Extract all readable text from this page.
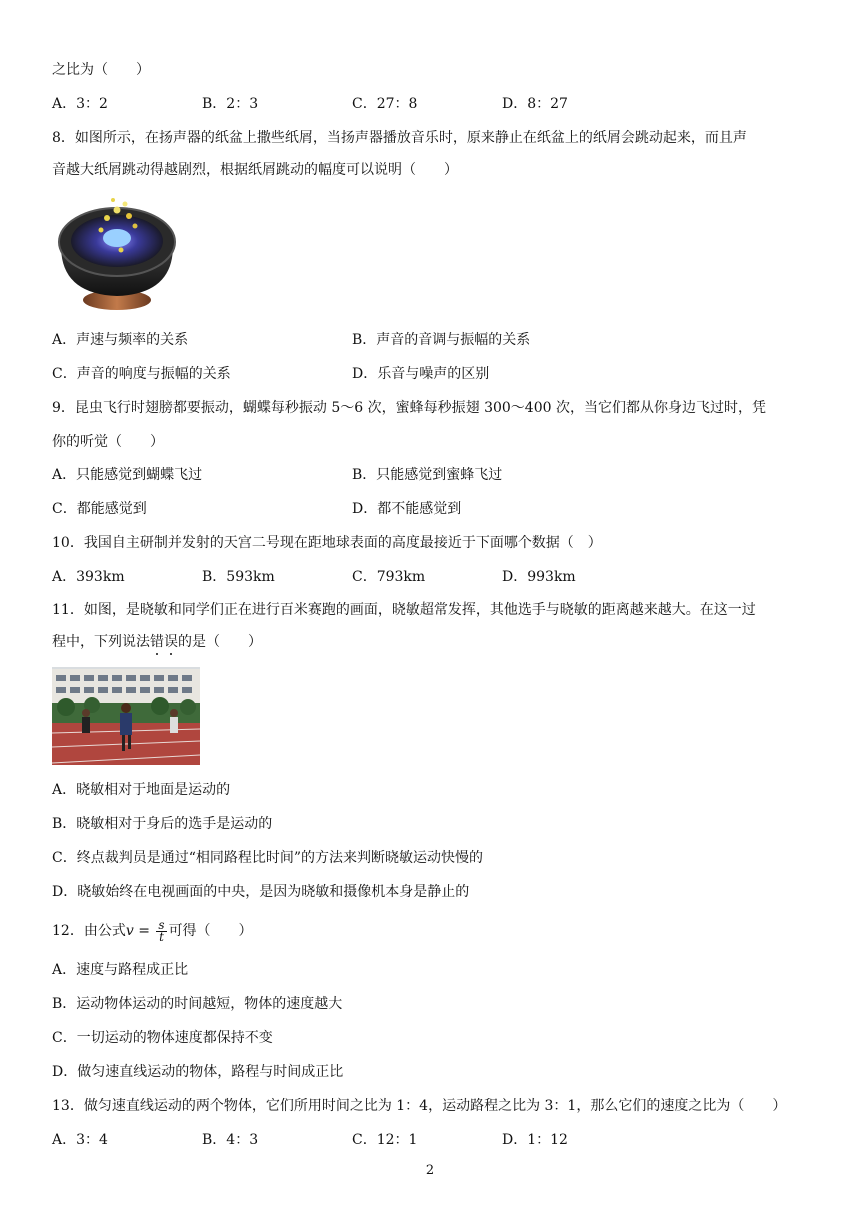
之比为（　　）
A．3：2	B．2：3	C．27：8	D．8：27
8．如图所示，在扬声器的纸盆上撒些纸屑，当扬声器播放音乐时，原来静止在纸盆上的纸屑会跳动起来，而且声
音越大纸屑跳动得越剧烈，根据纸屑跳动的幅度可以说明（　　）
A．声速与频率的关系	B．声音的音调与振幅的关系
C．声音的响度与振幅的关系	D．乐音与噪声的区别
9．昆虫飞行时翅膀都要振动，蝴蝶每秒振动 5～6 次，蜜蜂每秒振翅 300～400 次，当它们都从你身边飞过时，凭
你的听觉（　　）
A．只能感觉到蝴蝶飞过	B．只能感觉到蜜蜂飞过
C．都能感觉到	D．都不能感觉到
10．我国自主研制并发射的天宫二号现在距地球表面的高度最接近于下面哪个数据（　）
A．393km	B．593km	C．793km	D．993km
11．如图，是晓敏和同学们正在进行百米赛跑的画面，晓敏超常发挥，其他选手与晓敏的距离越来越大。在这一过
程中，下列说法错误的是（　　）
A．晓敏相对于地面是运动的
B．晓敏相对于身后的选手是运动的
C．终点裁判员是通过“相同路程比时间”的方法来判断晓敏运动快慢的
D．晓敏始终在电视画面的中央，是因为晓敏和摄像机本身是静止的
12．由公式$v = \frac{s}{t}$ 可得（　　）
A．速度与路程成正比
B．运动物体运动的时间越短，物体的速度越大
C．一切运动的物体速度都保持不变
D．做匀速直线运动的物体，路程与时间成正比
13．做匀速直线运动的两个物体，它们所用时间之比为 1：4，运动路程之比为 3：1，那么它们的速度之比为（　　）
A．3：4	B．4：3	C．12：1	D．1：12
2
